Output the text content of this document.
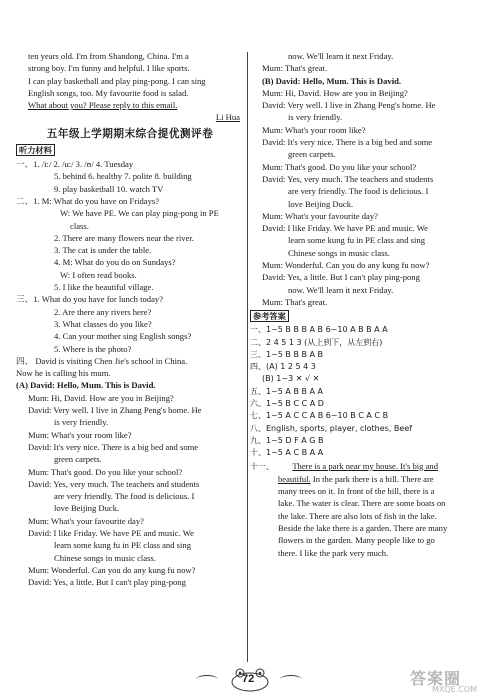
ten years old. I'm from Shandong, China. I'm a
strong boy. I'm funny and helpful. I like sports.
I can play basketball and play ping-pong. I can sing
English songs, too. My favourite food is salad.
What about you? Please reply to this email.
Li Hua
五年级上学期期末综合提优测评卷
听力材料
一、1. /i:/ 2. /u:/ 3. /ʊ/ 4. Tuesday
5. behind 6. healthy 7. polite 8. building
9. play basketball 10. watch TV
二、1. M: What do you have on Fridays?
W: We have PE. We can play ping-pong in PE
class.
2. There are many flowers near the river.
3. The cat is under the table.
4. M: What do you do on Sundays?
W: I often read books.
5. I like the beautiful village.
三、1. What do you have for lunch today?
2. Are there any rivers here?
3. What classes do you like?
4. Can your mother sing English songs?
5. Where is the photo?
四、 David is visiting Chen Jie's school in China.
Now he is calling his mum.
(A) David: Hello, Mum. This is David.
Mum: Hi, David. How are you in Beijing?
David: Very well. I live in Zhang Peng's home. He
is very friendly.
Mum: What's your room like?
David: It's very nice. There is a big bed and some
green carpets.
Mum: That's good. Do you like your school?
David: Yes, very much. The teachers and students
are very friendly. The food is delicious. I
love Beijing Duck.
Mum: What's your favourite day?
David: I like Friday. We have PE and music. We
learn some kung fu in PE class and sing
Chinese songs in music class.
Mum: Wonderful. Can you do any kung fu now?
David: Yes, a little. But I can't play ping-pong
now. We'll learn it next Friday.
Mum: That's great.
(B) David: Hello, Mum. This is David.
Mum: Hi, David. How are you in Beijing?
David: Very well. I live in Zhang Peng's home. He
is very friendly.
Mum: What's your room like?
David: It's very nice. There is a big bed and some
green carpets.
Mum: That's good. Do you like your school?
David: Yes, very much. The teachers and students
are very friendly. The food is delicious. I
love Beijing Duck.
Mum: What's your favourite day?
David: I like Friday. We have PE and music. We
learn some kung fu in PE class and sing
Chinese songs in music class.
Mum: Wonderful. Can you do any kung fu now?
David: Yes, a little. But I can't play ping-pong
now. We'll learn it next Friday.
Mum: That's great.
参考答案
一、1~5 B B B A B 6~10 A B B A A
二、2 4 5 1 3 (从上到下，从左到右)
三、1~5 B B B A B
四、(A) 1 2 5 4 3
(B) 1~3 ✕ √ ✕
五、1~5 A B B A A
六、1~5 B C C A D
七、1~5 A C C A B 6~10 B C A C B
八、English, sports, player, clothes, Beef
九、1~5 D F A G B
十、1~5 A C B A A
十一、 There is a park near my house. It's big and
beautiful. In the park there is a hill. There are
many trees on it. In front of the hill, there is a
lake. The water is clear. There are some boats on
the lake. There are also lots of fish in the lake.
Beside the lake there is a garden. There are many
flowers in the garden. Many people like to go
there. I like the park very much.
72	答案圈
MXQE.COM
